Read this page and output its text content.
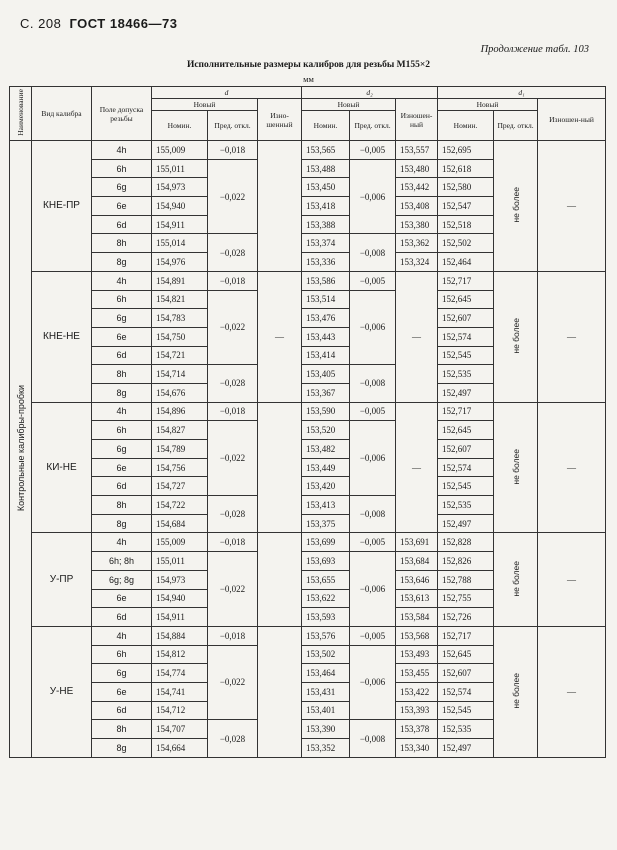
С. 208 ГОСТ 18466—73
Продолжение табл. 103
Исполнительные размеры калибров для резьбы М155×2
мм
Наименование	Вид калибра	Поле допуска резьбы	d			d₂			d₁		
			Новый		Изно-шенный	Новый		Изношен-ный	Новый		Изношен-ный
			Номин.	Пред. откл.		Номин.	Пред. откл.		Номин.	Пред. откл.	
Контрольные калибры-пробки	КНЕ-ПР	4h	155,009	−0,018		153,565	−0,005	153,557	152,695	не более	—
		6h	155,011	−0,022		153,488	−0,006	153,480	152,618		
		6g	154,973			153,450		153,442	152,580		
		6e	154,940			153,418		153,408	152,547		
		6d	154,911			153,388		153,380	152,518		
		8h	155,014	−0,028		153,374	−0,008	153,362	152,502		
		8g	154,976			153,336		153,324	152,464		
	КНЕ-НЕ	4h	154,891	−0,018	—	153,586	−0,005	—	152,717	не более	—
		6h	154,821	−0,022		153,514	−0,006		152,645		
		6g	154,783			153,476			152,607		
		6e	154,750			153,443			152,574		
		6d	154,721			153,414			152,545		
		8h	154,714	−0,028		153,405	−0,008		152,535		
		8g	154,676			153,367			152,497		
	КИ-НЕ	4h	154,896	−0,018		153,590	−0,005	—	152,717	не более	—
		6h	154,827	−0,022		153,520	−0,006		152,645		
		6g	154,789			153,482			152,607		
		6e	154,756			153,449			152,574		
		6d	154,727			153,420			152,545		
		8h	154,722	−0,028		153,413	−0,008		152,535		
		8g	154,684			153,375			152,497		
	У-ПР	4h	155,009	−0,018		153,699	−0,005	153,691	152,828	не более	—
		6h; 8h	155,011	−0,022		153,693	−0,006	153,684	152,826		
		6g; 8g	154,973			153,655		153,646	152,788		
		6e	154,940			153,622		153,613	152,755		
		6d	154,911			153,593		153,584	152,726		
	У-НЕ	4h	154,884	−0,018		153,576	−0,005	153,568	152,717	не более	—
		6h	154,812	−0,022		153,502	−0,006	153,493	152,645		
		6g	154,774			153,464		153,455	152,607		
		6e	154,741			153,431		153,422	152,574		
		6d	154,712			153,401		153,393	152,545		
		8h	154,707	−0,028		153,390	−0,008	153,378	152,535		
		8g	154,664			153,352		153,340	152,497		
